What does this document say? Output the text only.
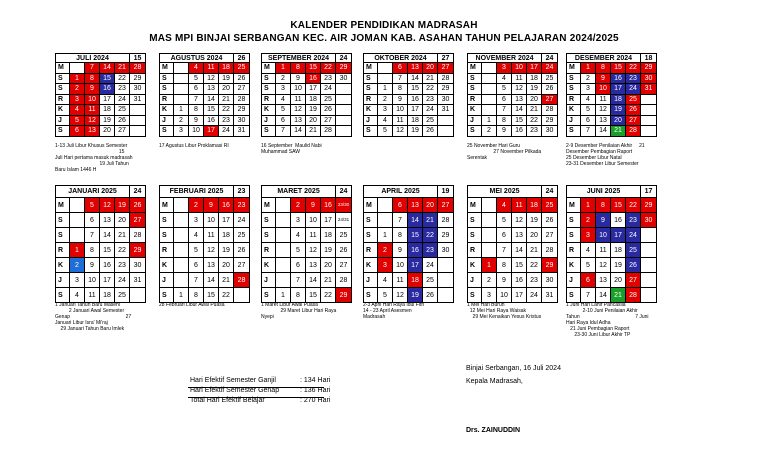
KALENDER PENDIDIKAN MADRASAH
MAS MPI BINJAI SERBANGAN KEC. AIR JOMAN KAB. ASAHAN TAHUN PELAJARAN 2024/2025
JULI 2024					15
M		7	14	21	28
S	1	8	15	22	29
S	2	9	16	23	30
R	3	10	17	24	31
K	4	11	18	25	
J	5	12	19	26	
S	6	13	20	27	
AGUSTUS 2024					26
M		4	11	18	25
S		5	12	19	26
S		6	13	20	27
R		7	14	21	28
K	1	8	15	22	29
J	2	9	16	23	30
S	3	10	17	24	31
SEPTEMBER 2024					24
M	1	8	15	22	29
S	2	9	16	23	30
S	3	10	17	24	
R	4	11	18	25	
K	5	12	19	26	
J	6	13	20	27	
S	7	14	21	28	
OKTOBER 2024					27
M		6	13	20	27
S		7	14	21	28
S	1	8	15	22	29
R	2	9	16	23	30
K	3	10	17	24	31
J	4	11	18	25	
S	5	12	19	26	
NOVEMBER 2024					24
M		3	10	17	24
S		4	11	18	25
S		5	12	19	26
R		6	13	20	27
K		7	14	21	28
J	1	8	15	22	29
S	2	9	16	23	30
DESEMBER 2024					18
M	1	8	15	22	29
S	2	9	16	23	30
S	3	10	17	24	31
R	4	11	18	25	
K	5	12	19	26	
J	6	13	20	27	
S	7	14	21	28	
JANUARI 2025					24
M		5	12	19	26
S		6	13	20	27
S		7	14	21	28
R	1	8	15	22	29
K	2	9	16	23	30
J	3	10	17	24	31
S	4	11	18	25	
FEBRUARI 2025					23
M		2	9	16	23
S		3	10	17	24
S		4	11	18	25
R		5	12	19	26
K		6	13	20	27
J		7	14	21	28
S	1	8	15	22	
MARET 2025					24
M		2	9	16	23/30
S		3	10	17	24/31
S		4	11	18	25
R		5	12	19	26
K		6	13	20	27
J		7	14	21	28
S	1	8	15	22	29
APRIL 2025					19
M		6	13	20	27
S		7	14	21	28
S	1	8	15	22	29
R	2	9	16	23	30
K	3	10	17	24	
J	4	11	18	25	
S	5	12	19	26	
MEI 2025					24
M		4	11	18	25
S		5	12	19	26
S		6	13	20	27
R		7	14	21	28
K	1	8	15	22	29
J	2	9	16	23	30
S	3	10	17	24	31
JUNI 2025					17
M	1	8	15	22	29
S	2	9	16	23	30
S	3	10	17	24	
R	4	11	18	25	
K	5	12	19	26	
J	6	13	20	27	
S	7	14	21	28	
1-13 Juli Libur Khusus Semester
15
Juli Hari pertama masuk madrasah
19 Juli Tahun
Baru Islam 1446 H
17 Agustus Libur Proklamasi RI	16 September  Maulid Nabi
Muhammad SAW
25 November Hari Guru
27 November Pilkada
Serentak
2-9 Desember Penilaian Akhir     21
Desember Pembagian Raport
25 Desember Libur Natal
23-31 Desember Libur Semester
1 Januari Tahun Baru Masehi
2 Januari Awal Semester
Genap                                        27
Januari Libur Isra' Mi'raj
29 Januari Tahun Baru Imlek
28 Februari Libur Awal Puasa	1 Maret Libur Awal Puasa
29 Maret Libur Hari Raya
Nyepi
2-3 April Hari Raya Idul Fitri
14 - 23 April Asesmen
Madrasah
1 Mei Hari Buruh
12 Mei Hari Raya Waisak
29 Mei Kenaikan Yesus Kristus
1 Juni Hari Lahir Pancasila
2-10 Juni Penilaian Akhir
Tahun                                        7 Juni
Hari Raya Idul Adha
21 Juni Pembagian Raport
23-30 Juni Libur Akhir TP
Hari Efektif Semester Ganjil	: 134 Hari
Hari Efektif Semester Genap	: 136 Hari
Total Hari Efektif Belajar	: 270 Hari
Binjai Serbangan, 16 Juli 2024
Kepala Madrasah,
Drs. ZAINUDDIN
